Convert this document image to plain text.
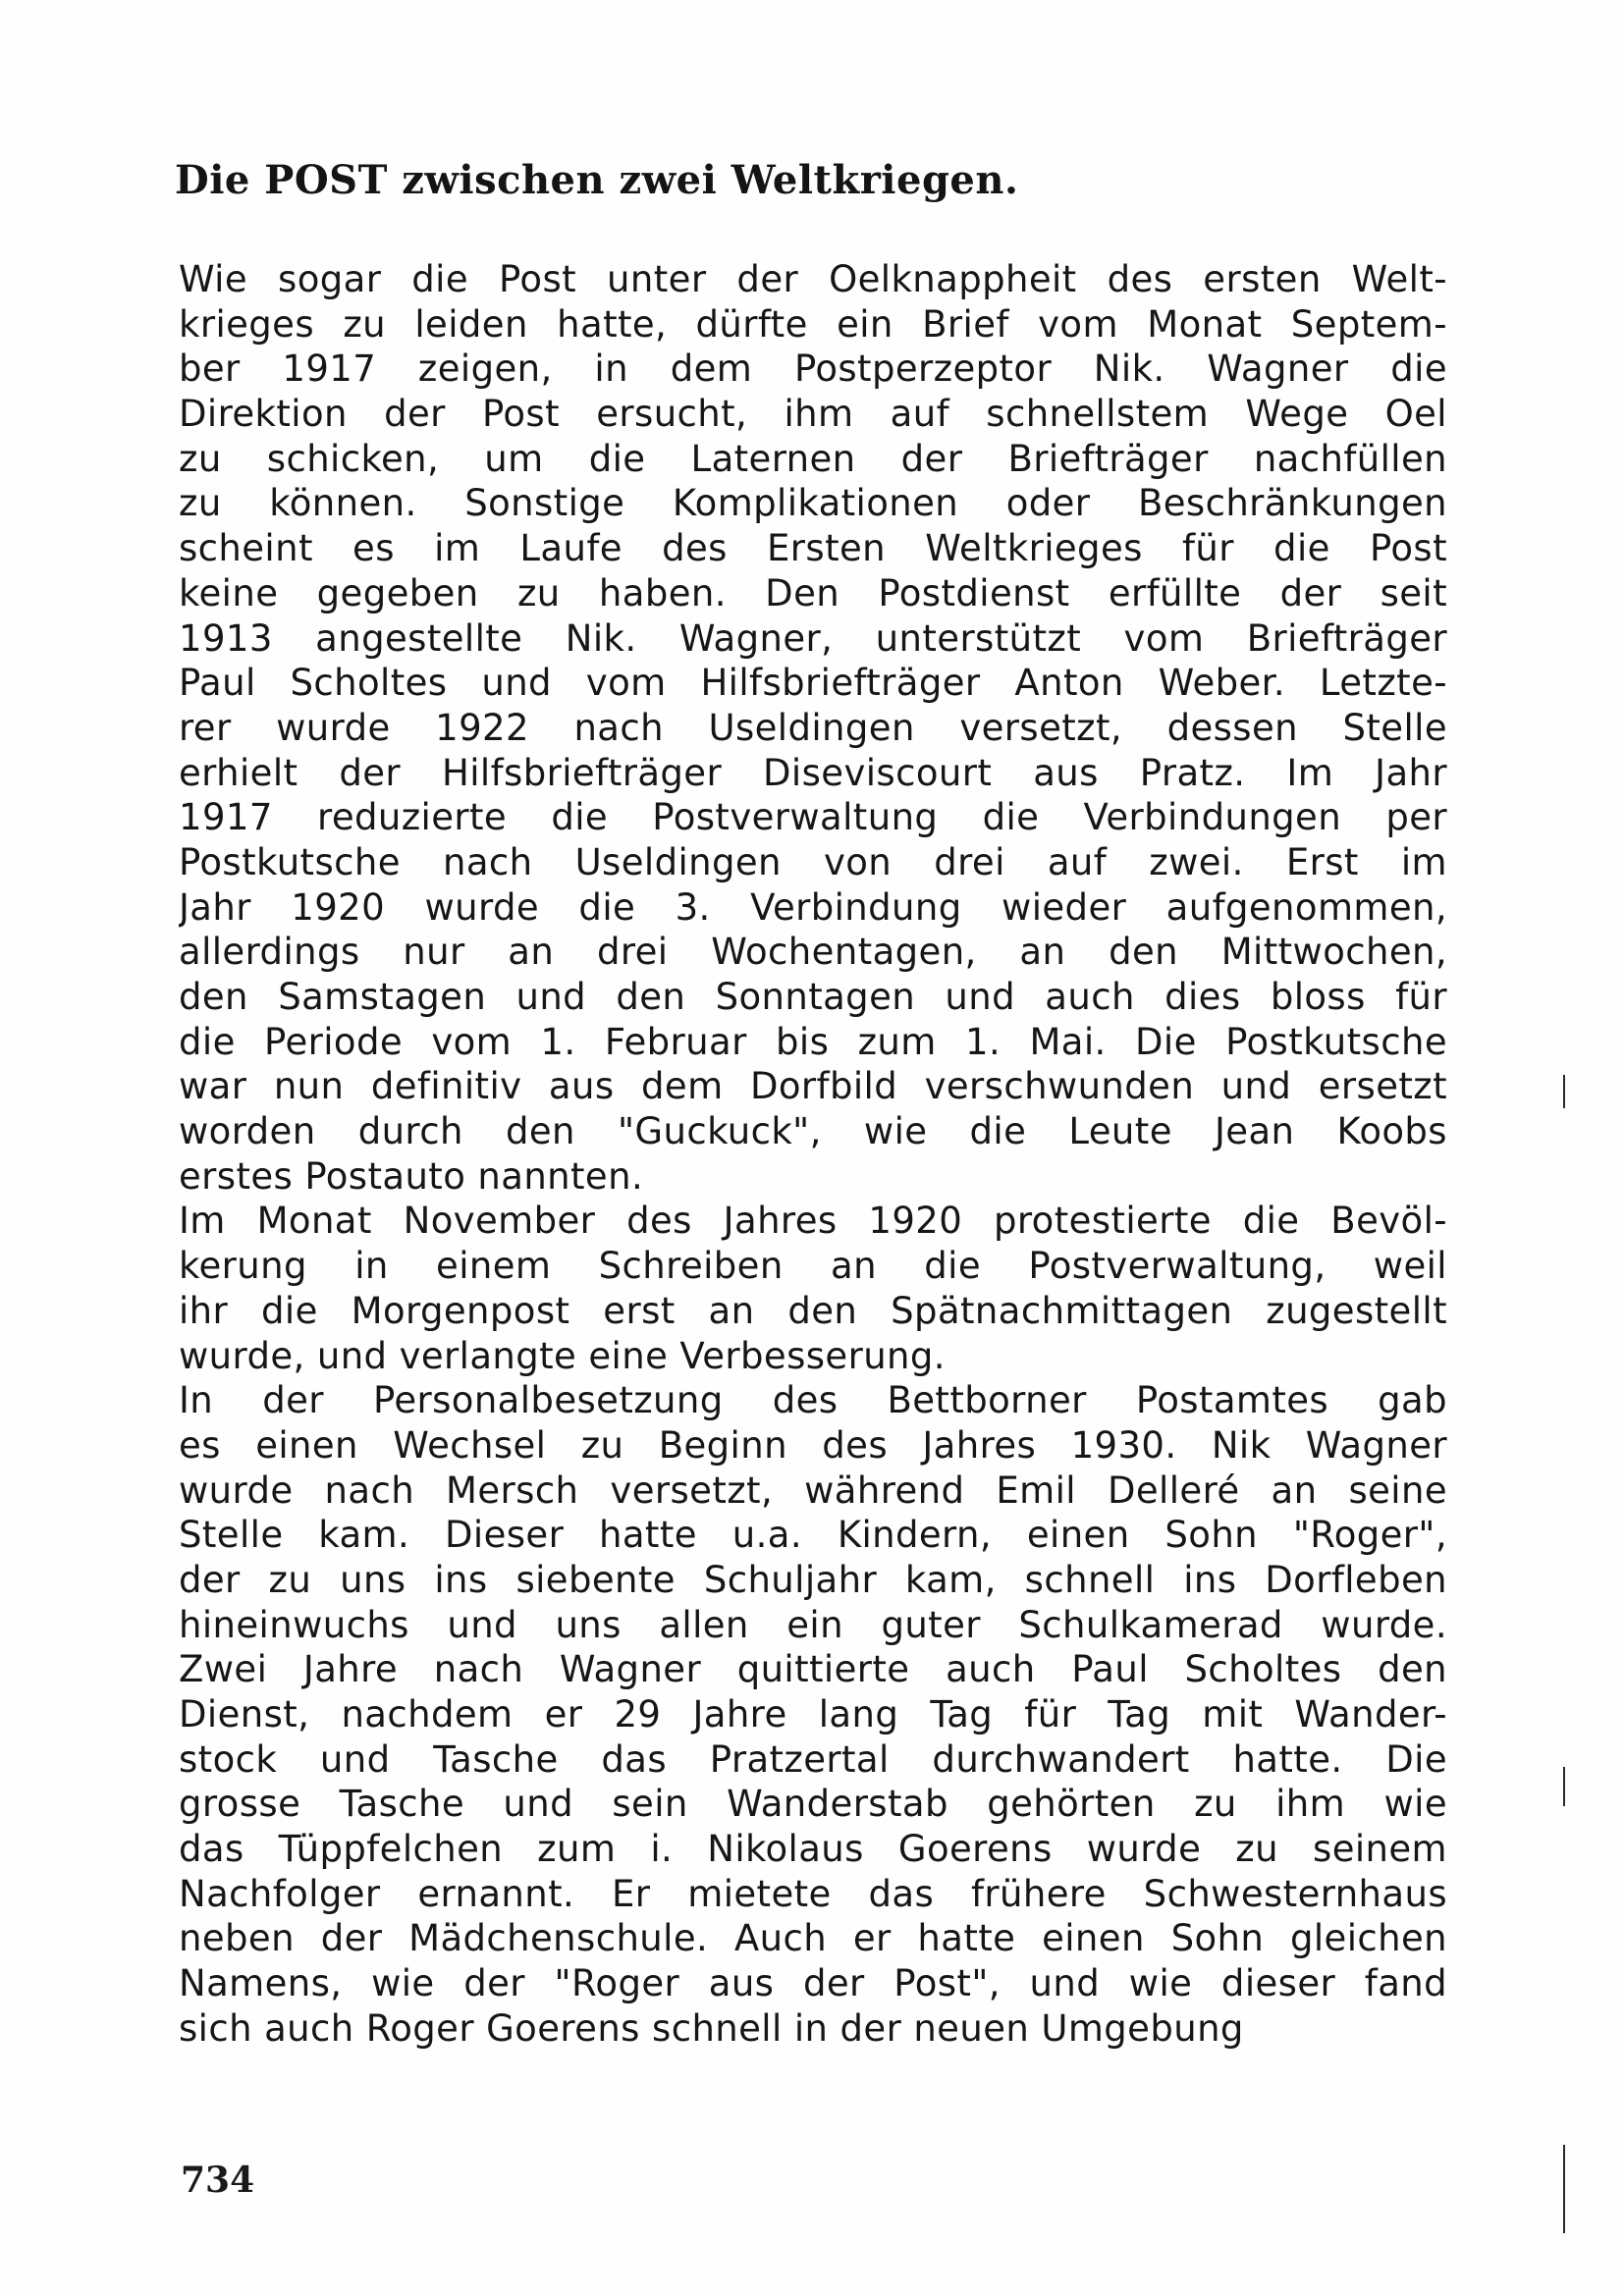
Die POST zwischen zwei Weltkriegen.
Wie sogar die Post unter der Oelknappheit des ersten Welt-
krieges zu leiden hatte, dürfte ein Brief vom Monat Septem-
ber 1917 zeigen, in dem Postperzeptor Nik. Wagner die
Direktion der Post ersucht, ihm auf schnellstem Wege Oel
zu schicken, um die Laternen der Briefträger nachfüllen
zu können. Sonstige Komplikationen oder Beschränkungen
scheint es im Laufe des Ersten Weltkrieges für die Post
keine gegeben zu haben. Den Postdienst erfüllte der seit
1913 angestellte Nik. Wagner, unterstützt vom Briefträger
Paul Scholtes und vom Hilfsbriefträger Anton Weber. Letzte-
rer wurde 1922 nach Useldingen versetzt, dessen Stelle
erhielt der Hilfsbriefträger Diseviscourt aus Pratz. Im Jahr
1917 reduzierte die Postverwaltung die Verbindungen per
Postkutsche nach Useldingen von drei auf zwei. Erst im
Jahr 1920 wurde die 3. Verbindung wieder aufgenommen,
allerdings nur an drei Wochentagen, an den Mittwochen,
den Samstagen und den Sonntagen und auch dies bloss für
die Periode vom 1. Februar bis zum 1. Mai. Die Postkutsche
war nun definitiv aus dem Dorfbild verschwunden und ersetzt
worden durch den "Guckuck", wie die Leute Jean Koobs
erstes Postauto nannten.
Im Monat November des Jahres 1920 protestierte die Bevöl-
kerung in einem Schreiben an die Postverwaltung, weil
ihr die Morgenpost erst an den Spätnachmittagen zugestellt
wurde, und verlangte eine Verbesserung.
In der Personalbesetzung des Bettborner Postamtes gab
es einen Wechsel zu Beginn des Jahres 1930. Nik Wagner
wurde nach Mersch versetzt, während Emil Delleré an seine
Stelle kam. Dieser hatte u.a. Kindern, einen Sohn "Roger",
der zu uns ins siebente Schuljahr kam, schnell ins Dorfleben
hineinwuchs und uns allen ein guter Schulkamerad wurde.
Zwei Jahre nach Wagner quittierte auch Paul Scholtes den
Dienst, nachdem er 29 Jahre lang Tag für Tag mit Wander-
stock und Tasche das Pratzertal durchwandert hatte. Die
grosse Tasche und sein Wanderstab gehörten zu ihm wie
das Tüppfelchen zum i. Nikolaus Goerens wurde zu seinem
Nachfolger ernannt. Er mietete das frühere Schwesternhaus
neben der Mädchenschule. Auch er hatte einen Sohn gleichen
Namens, wie der "Roger aus der Post", und wie dieser fand
sich auch Roger Goerens schnell in der neuen Umgebung

734
